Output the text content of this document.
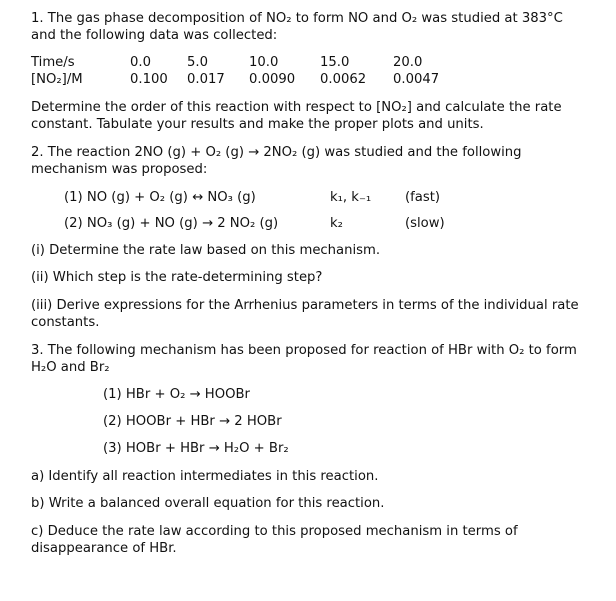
1. The gas phase decomposition of NO₂ to form NO and O₂ was studied at 383°C
and the following data was collected:
Time/s	0.0	5.0	10.0	15.0	20.0
[NO₂]/M	0.100 0.017 0.0090 0.0062 0.0047
Determine the order of this reaction with respect to [NO₂] and calculate the rate
constant. Tabulate your results and make the proper plots and units.
2. The reaction 2NO (g) + O₂ (g) → 2NO₂ (g) was studied and the following
mechanism was proposed:
(1) NO (g) + O₂ (g) ↔ NO₃ (g)	k₁, k₋₁	(fast)
(2) NO₃ (g) + NO (g) → 2 NO₂ (g)	k₂	(slow)
(i) Determine the rate law based on this mechanism.
(ii) Which step is the rate-determining step?
(iii) Derive expressions for the Arrhenius parameters in terms of the individual rate
constants.
3. The following mechanism has been proposed for reaction of HBr with O₂ to form
H₂O and Br₂
(1) HBr + O₂ → HOOBr
(2) HOOBr + HBr → 2 HOBr
(3) HOBr + HBr → H₂O + Br₂
a) Identify all reaction intermediates in this reaction.
b) Write a balanced overall equation for this reaction.
c) Deduce the rate law according to this proposed mechanism in terms of
disappearance of HBr.
